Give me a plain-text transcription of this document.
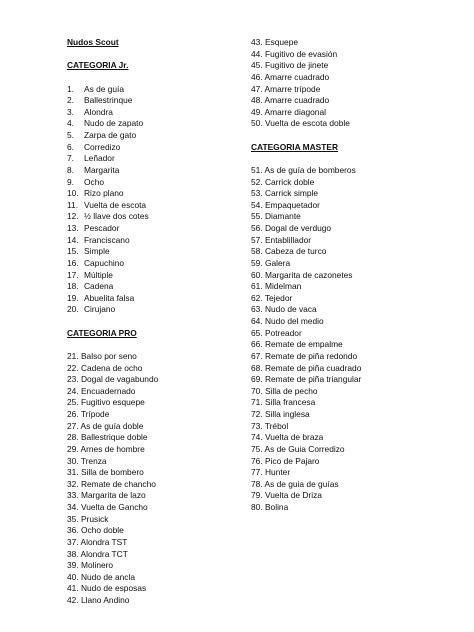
Nudos Scout
CATEGORIA Jr.
1. As de guía
2. Ballestrinque
3. Alondra
4. Nudo de zapato
5. Zarpa de gato
6. Corredizo
7. Leñador
8. Margarita
9. Ocho
10. Rizo plano
11. Vuelta de escota
12. ½ llave dos cotes
13. Pescador
14. Franciscano
15. Simple
16. Capuchino
17. Múltiple
18. Cadena
19. Abuelita falsa
20. Cirujano
CATEGORIA PRO
21. Balso por seno
22. Cadena de ocho
23. Dogal de vagabundo
24. Encuadernado
25. Fugitivo esquepe
26. Trípode
27. As de guía doble
28. Ballestrique doble
29. Arnes de hombre
30. Trenza
31. Silla de bombero
32. Remate de chancho
33. Margarita de lazo
34. Vuelta de Gancho
35. Prusick
36. Ocho doble
37. Alondra TST
38. Alondra TCT
39. Molinero
40. Nudo de ancla
41. Nudo de esposas
42. Llano Andino
43. Esquepe
44. Fugitivo de evasión
45. Fugitivo de jinete
46. Amarre cuadrado
47. Amarre trípode
48. Amarre cuadrado
49. Amarre diagonal
50. Vuelta de escota doble
CATEGORIA MASTER
51. As de guía de bomberos
52. Carrick doble
53. Carrick simple
54. Empaquetador
55. Diamante
56. Dogal de verdugo
57. Entablillador
58. Cabeza de turco
59. Galera
60. Margarita de cazonetes
61. Midelman
62. Tejedor
63. Nudo de vaca
64. Nudo del medio
65. Potreador
66. Remate de empalme
67. Remate de piña redondo
68. Remate de piña cuadrado
69. Remate de piña triangular
70. Silla de pecho
71. Silla francesa
72. Silla inglesa
73. Trébol
74. Vuelta de braza
75. As de Guia Corredizo
76. Pico de Pajaro
77. Hunter
78. As de guia de guías
79. Vuelta de Driza
80. Bolina
